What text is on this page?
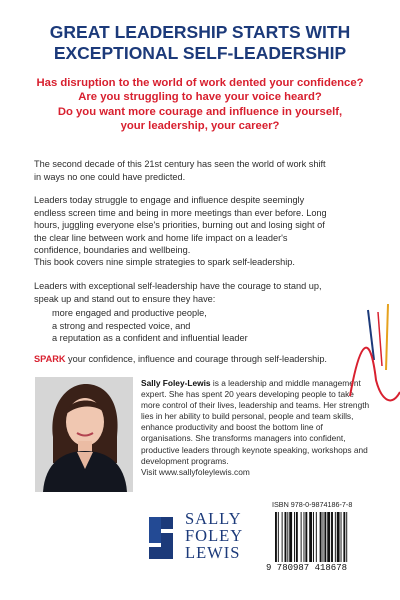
GREAT LEADERSHIP STARTS WITH
EXCEPTIONAL SELF-LEADERSHIP
Has disruption to the world of work dented your confidence?
Are you struggling to have your voice heard?
Do you want more courage and influence in yourself,
your leadership, your career?

The second decade of this 21st century has seen the world of work shift in ways no one could have predicted.

Leaders today struggle to engage and influence despite seemingly endless screen time and being in more meetings than ever before. Long hours, juggling everyone else's priorities, burning out and losing sight of the clear line between work and home life impact on a leader's confidence, boundaries and wellbeing.

This book covers nine simple strategies to spark self-leadership.

Leaders with exceptional self-leadership have the courage to stand up, speak up and stand out to ensure they have:

more engaged and productive people,
a strong and respected voice, and
a reputation as a confident and influential leader

SPARK your confidence, influence and courage through self-leadership.

Sally Foley-Lewis is a leadership and middle management expert. She has spent 20 years developing people to take more control of their lives, leadership and teams. Her strength lies in her ability to build personal, people and team skills, enhance productivity and boost the bottom line of organisations. She transforms managers into confident, productive leaders through keynote speaking, workshops and development programs.
Visit www.sallyfoleylewis.com

SALLY
FOLEY
LEWIS
ISBN 978-0-9874186-7-8
9 780987 418678
